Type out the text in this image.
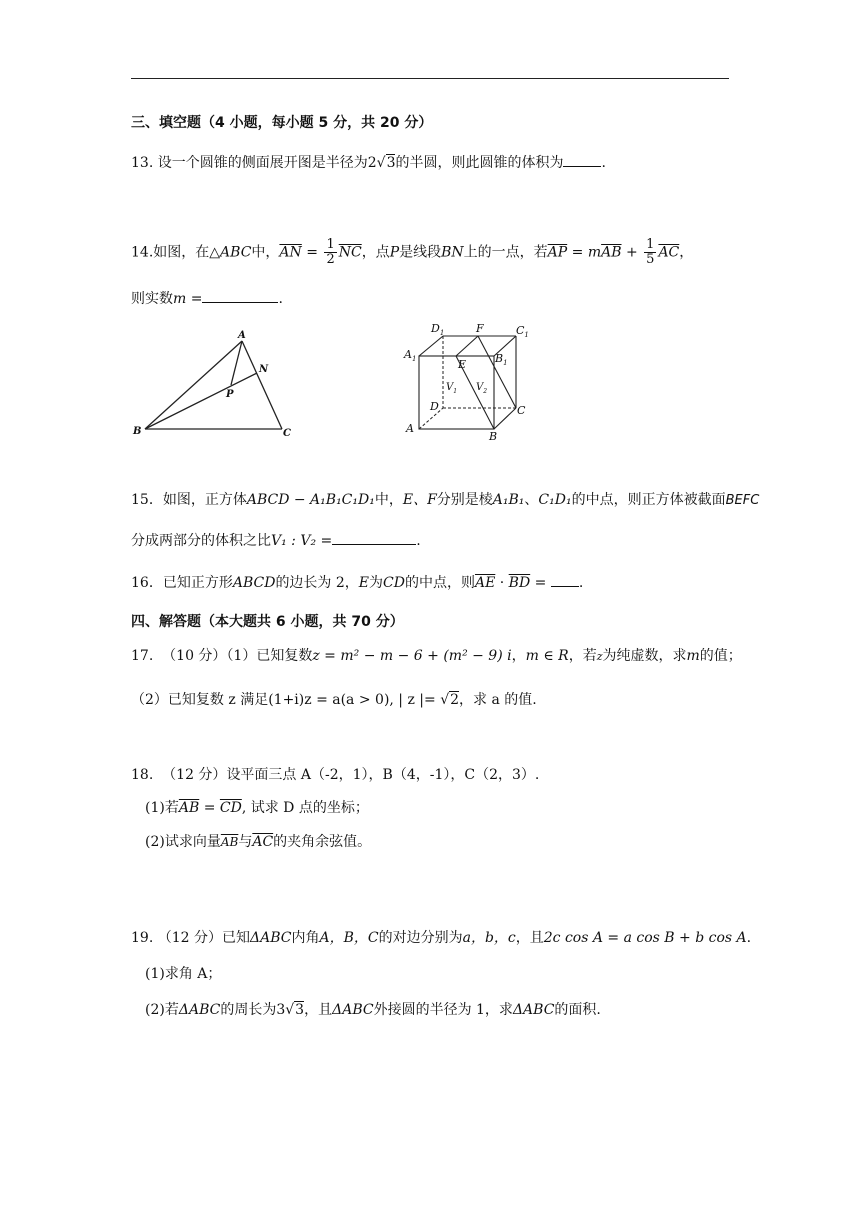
三、填空题（4 小题，每小题 5 分，共 20 分）
13. 设一个圆锥的侧面展开图是半径为2√3的半圆，则此圆锥的体积为	.
14.如图，在△ABC中，$\overline{AN} = \frac{1}{2} \overline{NC}$，点P是线段BN上的一点，若$\overline{AP} = m\overline{AB} + \frac{1}{5} \overline{AC}$，
则实数m =	.
A
B	C
N
P
$D_1$	F	$C_1$
$A_1$	E	$B_1$
$V_1$ $V_2$
D	C
A
B
15．如图，正方体ABCD − A₁B₁C₁D₁中，E、F分别是棱A₁B₁、C₁D₁的中点，则正方体被截面BEFC
分成两部分的体积之比V₁ : V₂ =	.
16．已知正方形ABCD的边长为 2，E为CD的中点，则$\overline{AE} \cdot \overline{BD}$ = .
四、解答题（本大题共 6 小题，共 70 分）
17. （10 分）（1）已知复数z = m² − m − 6 + (m² − 9) i，m ∈ R，若z为纯虚数，求m的值；
（2）已知复数 z 满足(1+i)z = a(a > 0), | z |= √2，求 a 的值.
18. （12 分）设平面三点 A（-2，1），B（4，-1），C（2，3）.
(1)若$\overline{AB} = \overline{CD}$, 试求 D 点的坐标；
(2)试求向量$\overline{AB}$与$\overline{AC}$的夹角余弦值。
19. （12 分）已知ΔABC内角A，B，C的对边分别为a，b，c，且2c cos A = a cos B + b cos A.
(1)求角 A；
(2)若ΔABC的周长为3√3，且ΔABC外接圆的半径为 1，求ΔABC的面积.
